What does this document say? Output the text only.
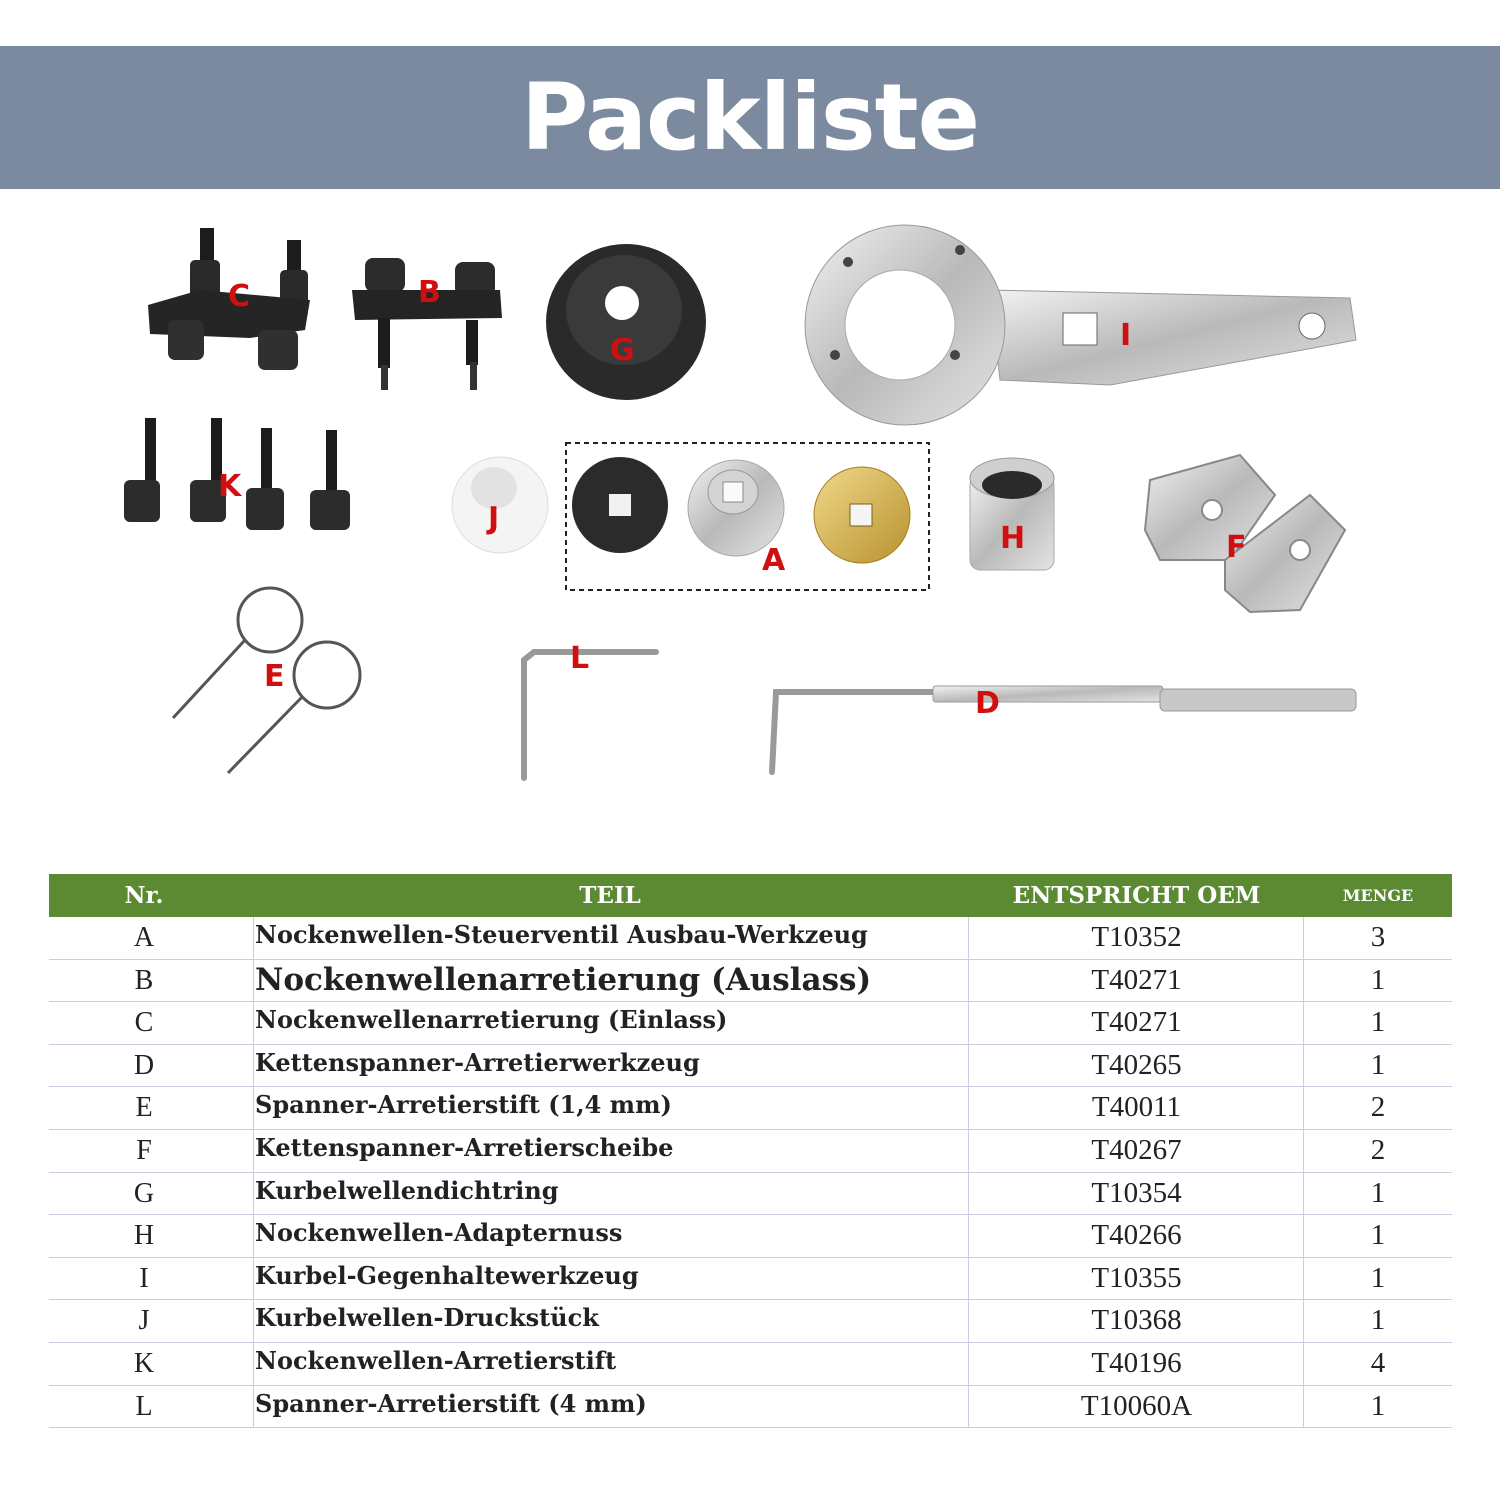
Packliste
C	B
G	I
K
J
A
H	F
E
L
D
Nr.	TEIL	ENTSPRICHT OEM	MENGE
A	Nockenwellen-Steuerventil Ausbau-Werkzeug	T10352	3
B	Nockenwellenarretierung (Auslass)	T40271	1
C	Nockenwellenarretierung (Einlass)	T40271	1
D	Kettenspanner-Arretierwerkzeug	T40265	1
E	Spanner-Arretierstift (1,4 mm)	T40011	2
F	Kettenspanner-Arretierscheibe	T40267	2
G	Kurbelwellendichtring	T10354	1
H	Nockenwellen-Adapternuss	T40266	1
I	Kurbel-Gegenhaltewerkzeug	T10355	1
J	Kurbelwellen-Druckstück	T10368	1
K	Nockenwellen-Arretierstift	T40196	4
L	Spanner-Arretierstift (4 mm)	T10060A	1
